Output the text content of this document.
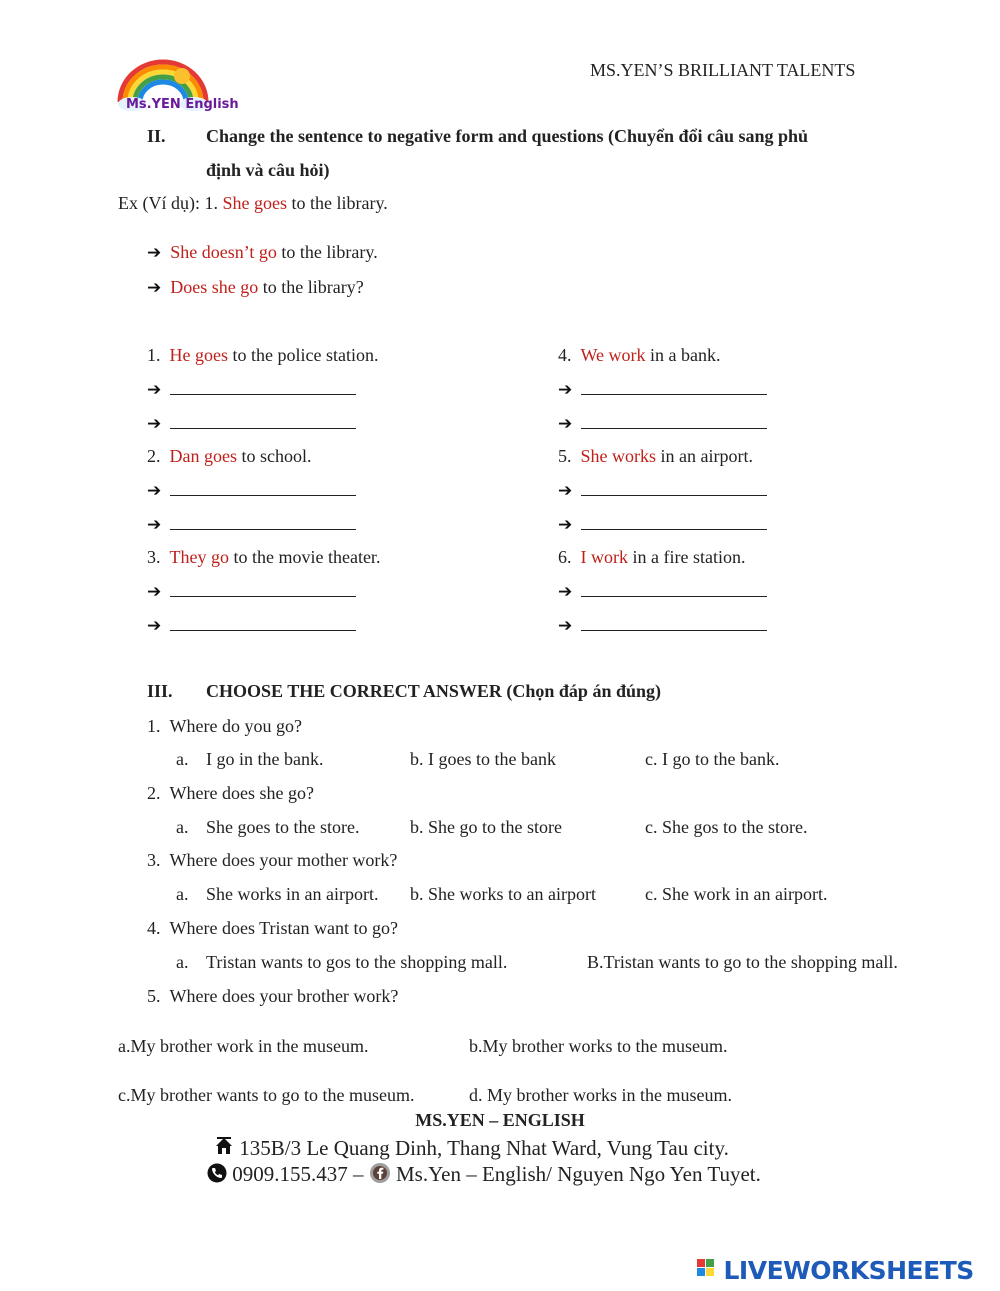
Ms.YEN English
MS.YEN’S BRILLIANT TALENTS
II. Change the sentence to negative form and questions (Chuyển đổi câu sang phủ
định và câu hỏi)
Ex (Ví dụ): 1. She goes to the library.
➔ She doesn’t go to the library.
➔ Does she go to the library?
1. He goes to the police station.
➔
➔
2. Dan goes to school.
➔
➔
3. They go to the movie theater.
➔
➔
4. We work in a bank.
➔
➔
5. She works in an airport.
➔
➔
6. I work in a fire station.
➔
➔
III. CHOOSE THE CORRECT ANSWER (Chọn đáp án đúng)
1. Where do you go?
a. I go in the bank.	b. I goes to the bank	c. I go to the bank.
2. Where does she go?
a. She goes to the store.	b. She go to the store	c. She gos to the store.
3. Where does your mother work?
a. She works in an airport. b. She works to an airport	c. She work in an airport.
4. Where does Tristan want to go?
a. Tristan wants to gos to the shopping mall.	B.Tristan wants to go to the shopping mall.
5. Where does your brother work?
a.My brother work in the museum.	b.My brother works to the museum.
c.My brother wants to go to the museum.	d. My brother works in the museum.
MS.YEN – ENGLISH
135B/3 Le Quang Dinh, Thang Nhat Ward, Vung Tau city.
0909.155.437 – Ms.Yen – English/ Nguyen Ngo Yen Tuyet.

LIVEWORKSHEETS
